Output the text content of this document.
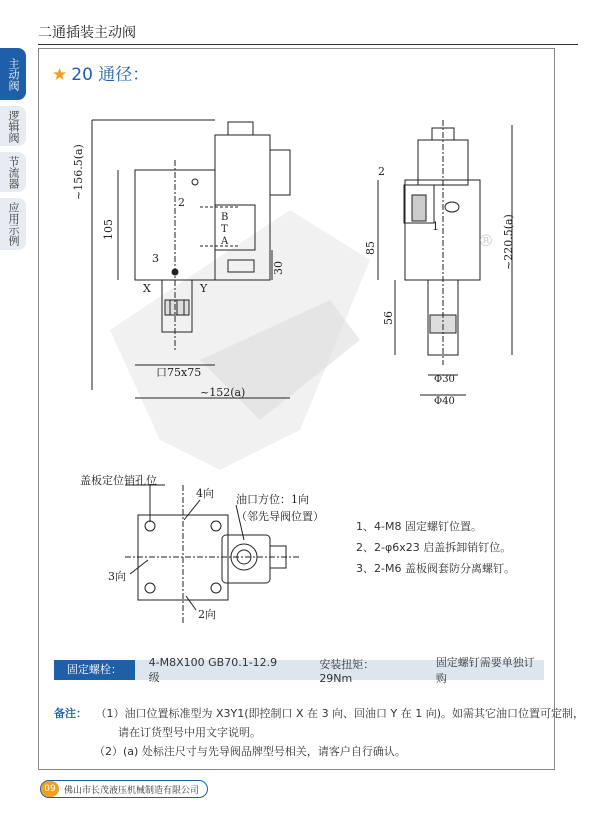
二通插装主动阀
主动阀
逻辑阀
节流器
应用示例
★ 20 通径：
~156.5(a)
105
30
2
3
X	Y
B
T
A
口75x75
~152(a)
85
56
~220.5(a)
2
1
Φ30
Φ40
®
盖板定位销孔位
4向 油口方位：1向
（邻先导阀位置）
3向
2向
1、4-M8 固定螺钉位置。
2、2-φ6x23 启盖拆卸销钉位。
3、2-M6 盖板阀套防分离螺钉。
固定螺栓：
4-M8X100 GB70.1-12.9 级
安装扭矩：29Nm
固定螺钉需要单独订购
备注： （1）油口位置标准型为 X3Y1(即控制口 X 在 3 向、回油口 Y 在 1 向)。如需其它油口位置可定制，
请在订货型号中用文字说明。
（2）(a) 处标注尺寸与先导阀品牌型号相关，请客户自行确认。
09 佛山市长茂液压机械制造有限公司
